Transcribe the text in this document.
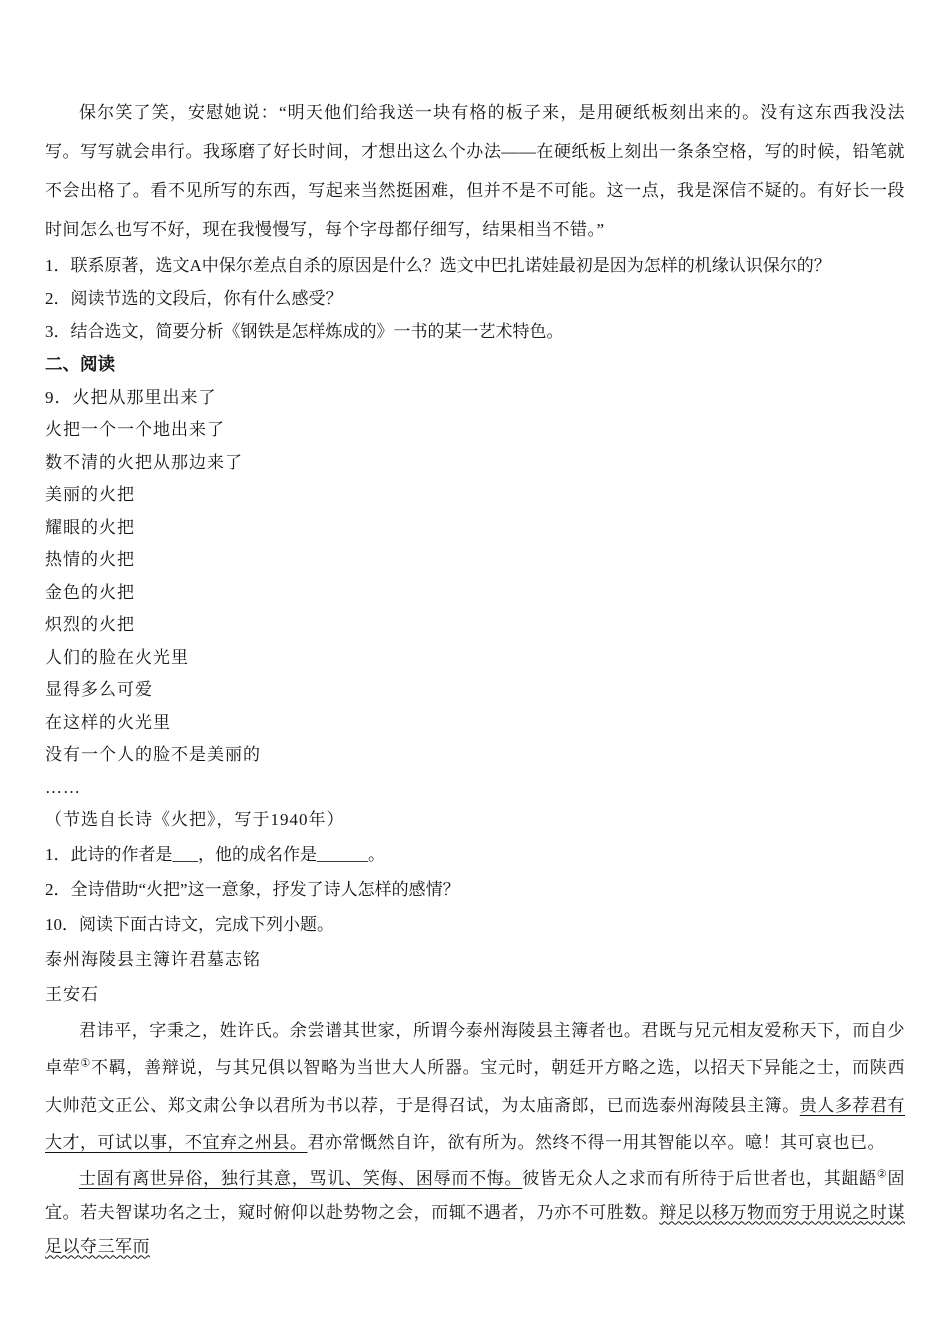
保尔笑了笑，安慰她说：“明天他们给我送一块有格的板子来，是用硬纸板刻出来的。没有这东西我没法写。写写就会串行。我琢磨了好长时间，才想出这么个办法——在硬纸板上刻出一条条空格，写的时候，铅笔就不会出格了。看不见所写的东西，写起来当然挺困难，但并不是不可能。这一点，我是深信不疑的。有好长一段时间怎么也写不好，现在我慢慢写，每个字母都仔细写，结果相当不错。”

1．联系原著，选文A中保尔差点自杀的原因是什么？选文中巴扎诺娃最初是因为怎样的机缘认识保尔的？
2．阅读节选的文段后，你有什么感受？
3．结合选文，简要分析《钢铁是怎样炼成的》一书的某一艺术特色。
二、阅读
9．火把从那里出来了
火把一个一个地出来了
数不清的火把从那边来了
美丽的火把
耀眼的火把
热情的火把
金色的火把
炽烈的火把
人们的脸在火光里
显得多么可爱
在这样的火光里
没有一个人的脸不是美丽的
……
（节选自长诗《火把》，写于1940年）
1．此诗的作者是___，他的成名作是______。
2．全诗借助“火把”这一意象，抒发了诗人怎样的感情？
10．阅读下面古诗文，完成下列小题。
泰州海陵县主簿许君墓志铭
王安石

君讳平，字秉之，姓许氏。余尝谱其世家，所谓今泰州海陵县主簿者也。君既与兄元相友爱称天下，而自少卓荦①不羁，善辩说，与其兄俱以智略为当世大人所器。宝元时，朝廷开方略之选，以招天下异能之士，而陕西大帅范文正公、郑文肃公争以君所为书以荐，于是得召试，为太庙斋郎，已而选泰州海陵县主簿。贵人多荐君有大才，可试以事，不宜弃之州县。君亦常慨然自许，欲有所为。然终不得一用其智能以卒。噫！其可哀也已。

士固有离世异俗，独行其意，骂讥、笑侮、困辱而不悔。彼皆无众人之求而有所待于后世者也，其龃龉②固宜。若夫智谋功名之士，窥时俯仰以赴势物之会，而辄不遇者，乃亦不可胜数。辩足以移万物而穷于用说之时谋足以夺三军而
